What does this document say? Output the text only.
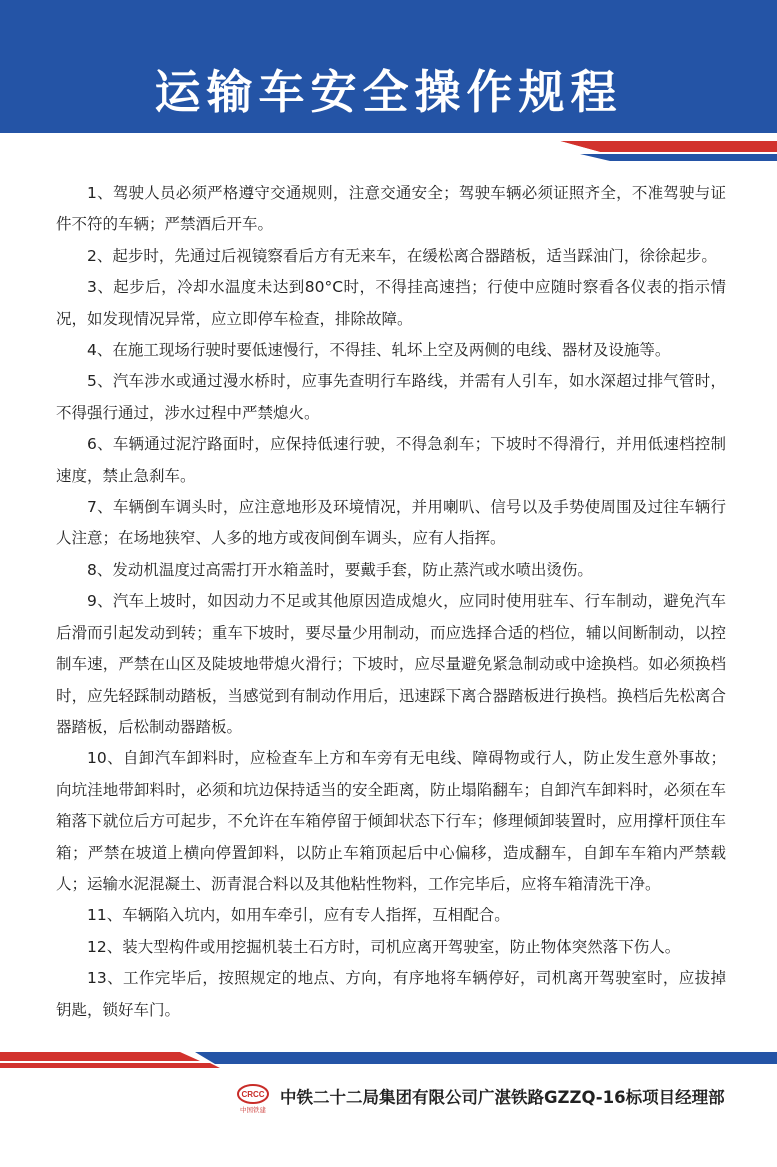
运输车安全操作规程

1、驾驶人员必须严格遵守交通规则，注意交通安全；驾驶车辆必须证照齐全，不准驾驶与证件不符的车辆；严禁酒后开车。

2、起步时，先通过后视镜察看后方有无来车，在缓松离合器踏板，适当踩油门，徐徐起步。

3、起步后，冷却水温度未达到80°C时，不得挂高速挡；行使中应随时察看各仪表的指示情况，如发现情况异常，应立即停车检查，排除故障。

4、在施工现场行驶时要低速慢行，不得挂、轧坏上空及两侧的电线、器材及设施等。

5、汽车涉水或通过漫水桥时，应事先查明行车路线，并需有人引车，如水深超过排气管时，不得强行通过，涉水过程中严禁熄火。

6、车辆通过泥泞路面时，应保持低速行驶，不得急刹车；下坡时不得滑行，并用低速档控制速度，禁止急刹车。

7、车辆倒车调头时，应注意地形及环境情况，并用喇叭、信号以及手势使周围及过往车辆行人注意；在场地狭窄、人多的地方或夜间倒车调头，应有人指挥。

8、发动机温度过高需打开水箱盖时，要戴手套，防止蒸汽或水喷出烫伤。

9、汽车上坡时，如因动力不足或其他原因造成熄火，应同时使用驻车、行车制动，避免汽车后滑而引起发动到转；重车下坡时，要尽量少用制动，而应选择合适的档位，辅以间断制动，以控制车速，严禁在山区及陡坡地带熄火滑行；下坡时，应尽量避免紧急制动或中途换档。如必须换档时，应先轻踩制动踏板，当感觉到有制动作用后，迅速踩下离合器踏板进行换档。换档后先松离合器踏板，后松制动器踏板。

10、自卸汽车卸料时，应检查车上方和车旁有无电线、障碍物或行人，防止发生意外事故；向坑洼地带卸料时，必须和坑边保持适当的安全距离，防止塌陷翻车；自卸汽车卸料时，必须在车箱落下就位后方可起步，不允许在车箱停留于倾卸状态下行车；修理倾卸装置时，应用撑杆顶住车箱；严禁在坡道上横向停置卸料，以防止车箱顶起后中心偏移，造成翻车，自卸车车箱内严禁载人；运输水泥混凝土、沥青混合料以及其他粘性物料，工作完毕后，应将车箱清洗干净。

11、车辆陷入坑内，如用车牵引，应有专人指挥，互相配合。

12、装大型构件或用挖掘机装土石方时，司机应离开驾驶室，防止物体突然落下伤人。

13、工作完毕后，按照规定的地点、方向，有序地将车辆停好，司机离开驾驶室时，应拔掉钥匙，锁好车门。

CRCC
中国铁建
中铁二十二局集团有限公司广湛铁路GZZQ-16标项目经理部
